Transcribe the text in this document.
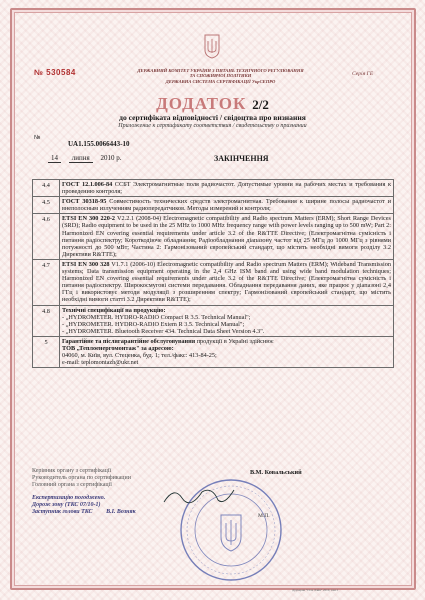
№ 530584	ДЕРЖАВНИЙ КОМІТЕТ УКРАЇНИ З ПИТАНЬ ТЕХНІЧНОГО РЕГУЛЮВАННЯ
ТА СПОЖИВЧОЇ ПОЛІТИКИ
ДЕРЖАВНА СИСТЕМА СЕРТИФІКАЦІЇ УкрСЕПРО
Серія ГЕ
ДОДАТОК 2/2
до сертифіката відповідності / свідоцтва про визнання
Приложение к сертификату соответствия / свидетельству о признании
№
UA1.155.0066443-10
14 липня 2010 р.	ЗАКІНЧЕННЯ
4.4	ГОСТ 12.1.006-84 ССБТ Электромагнитные поля радиочастот. Допустимые уровни на рабочих местах и требования к проведению контроля;
4.5	ГОСТ 30318-95 Совместимость технических средств электромагнитная. Требования к ширине полосы радиочастот и внеполосным излучениям радиопередатчиков. Методы измерений и контроля;
4.6	ETSI EN 300 220-2 V2.2.1 (2008-04) Electromagnetic compatibility and Radio spectrum Matters (ERM); Short Range Devices (SRD); Radio equipment to be used in the 25 MHz to 1000 MHz frequency range with power levels ranging up to 500 mW; Part 2: Harmonized EN covering essential requirements under article 3.2 of the R&TTE Directive; (Електромагнітна сумісність і питання радіоспектру; Короткодіюче обладнання; Радіообладнання діапазону частот від 25 МГц до 1000 МГц з рівнями потужності до 500 мВт; Частина 2: Гармонізований європейський стандарт, що містить необхідні вимоги розділу 3.2 Директиви R&TTE);
4.7	ETSI EN 300 328 V1.7.1 (2006-10) Electromagnetic compatibility and Radio spectrum Matters (ERM); Wideband Transmission systems; Data transmission equipment operating in the 2,4 GHz ISM band and using wide band modulation techniques; Harmonized EN covering essential requirements under article 3.2 of the R&TTE Directive; (Електромагнітна сумісність і питання радіоспектру. Широкосмугові системи передавання. Обладнання передавання даних, яке працює у діапазоні 2,4 ГГц і використовує методи модуляції з розширенням спектру; Гармонізований європейський стандарт, що містить необхідні вимоги статті 3.2 Директиви R&TTE);
4.8	Технічні специфікації на продукцію:
- „HYDROMETER. HYDRO-RADIO Compact R 3.5. Technical Manual";
- „HYDROMETER. HYDRO-RADIO Exiem R 3.5. Technical Manual";
- „HYDROMETER. Bluetooth Receiver 434. Technical Data Sheet Version 4.3".

5	Гарантійне та післягарантійне обслуговування продукції в Україні здійснює
ТОВ „Теплоенергомонтаж" за адресою:
04060, м. Київ, вул. Стеценка, буд. 1; тел./факс: 413-84-25;
e-mail: teplomontazh@ukr.net
Керівник органу з сертифікації
Руководитель органа по сертификации
Головний органа з сертифікації
Експертизацію погоджено.
Дорож зону (ТКС 07/10-1)
Заступник голови ТКС В.І. Возняк
В.М. Ковальський
М.П.
Друкарня "Сіла Лайн" 2010, зам.1
